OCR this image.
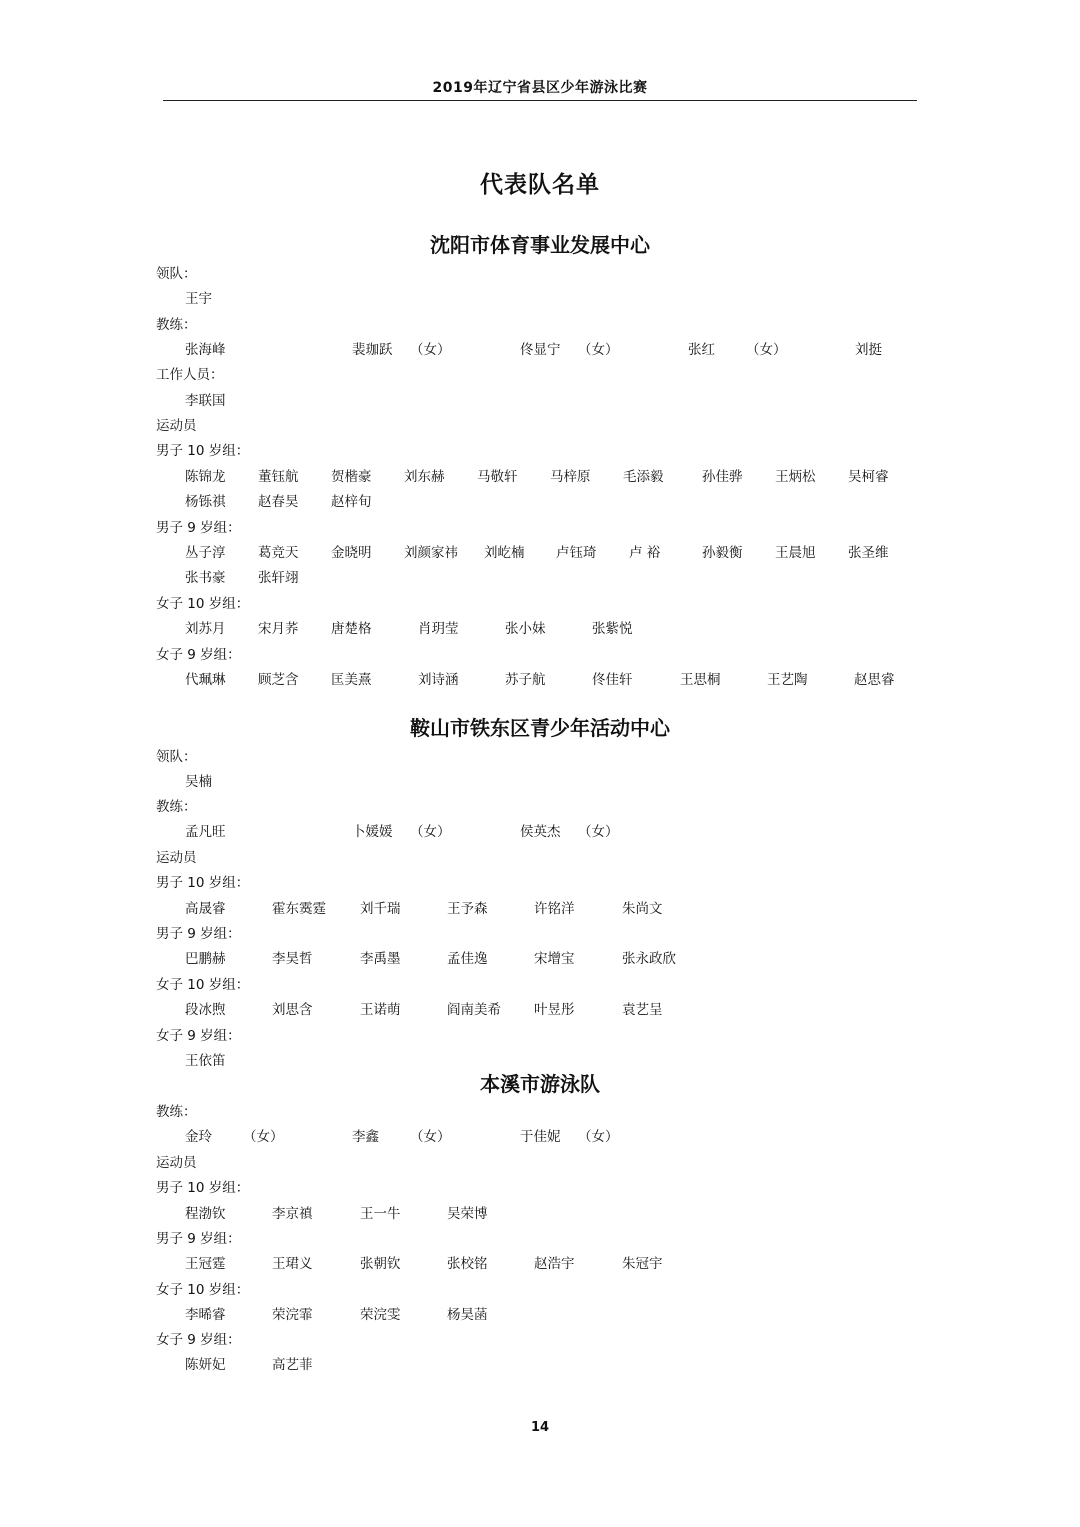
2019年辽宁省县区少年游泳比赛
代表队名单
沈阳市体育事业发展中心
领队：
王宇
教练：
张海峰	裴珈跃 （女）	佟显宁 （女）	张红 （女）	刘挺
工作人员：
李联国
运动员
男子 10 岁组：
陈锦龙 董钰航 贺楷豪 刘东赫 马敬轩 马梓原 毛添毅	孙佳骅 王炳松 吴柯睿
杨铄祺 赵春昊 赵梓旬
男子 9 岁组：
丛子淳 葛竞天 金晓明 刘颜家祎 刘屹楠 卢钰琦 卢 裕	孙毅衡 王晨旭 张圣维
张书豪 张轩翊
女子 10 岁组：
刘苏月 宋月荞 唐楚格	肖玥莹	张小妹	张紫悦
女子 9 岁组：
代珮琳 顾芝含 匡美熹	刘诗涵	苏子航	佟佳轩	王思桐	王艺陶	赵思睿
鞍山市铁东区青少年活动中心
领队：
吴楠
教练：
孟凡旺	卜媛媛 （女）	侯英杰 （女）
运动员
男子 10 岁组：
高晟睿	霍东霙霆	刘千瑞	王予森	许铭洋	朱尚文
男子 9 岁组：
巴鹏赫	李昊哲	李禹墨	孟佳逸	宋增宝	张永政欣
女子 10 岁组：
段冰煦	刘思含	王诺萌	阎南美希 叶昱彤	袁艺呈
女子 9 岁组：
王依笛
本溪市游泳队
教练：
金玲 （女）	李鑫 （女）	于佳妮 （女）
运动员
男子 10 岁组：
程渤钦	李京禛	王一牛	吴荣博
男子 9 岁组：
王冠霆	王珺义	张朝钦	张校铭	赵浩宇	朱冠宇
女子 10 岁组：
李晞睿	荣浣霏	荣浣雯	杨昊菡
女子 9 岁组：
陈妍妃	高艺菲
14
